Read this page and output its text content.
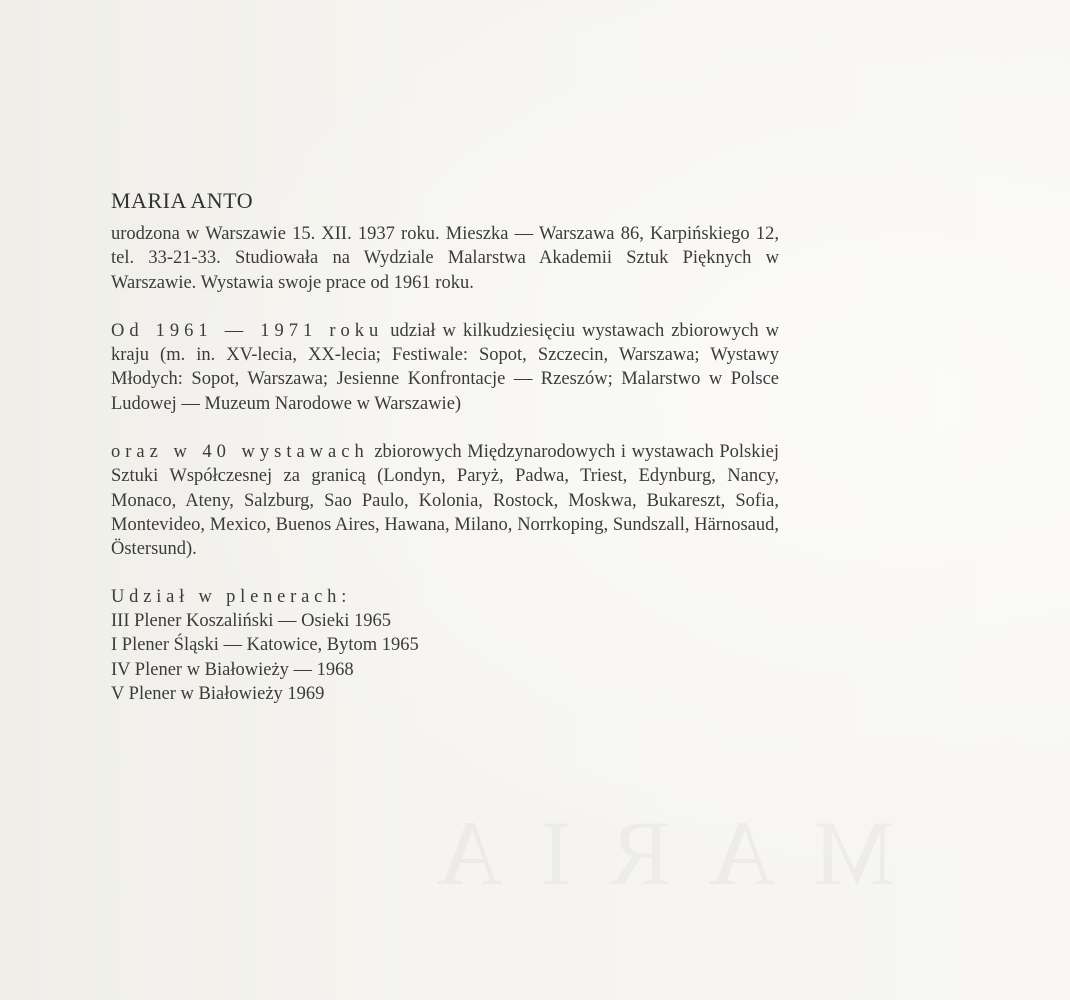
MARIA ANTO

urodzona w Warszawie 15. XII. 1937 roku. Mieszka — Warszawa 86, Karpińskiego 12, tel. 33-21-33. Studiowała na Wydziale Malarstwa Akademii Sztuk Pięknych w Warszawie. Wystawia swoje prace od 1961 roku.

Od 1961 — 1971 roku udział w kilkudziesięciu wystawach zbiorowych w kraju (m. in. XV-lecia, XX-lecia; Festiwale: Sopot, Szczecin, Warszawa; Wystawy Młodych: Sopot, Warszawa; Jesienne Konfrontacje — Rzeszów; Malarstwo w Polsce Ludowej — Muzeum Narodowe w Warszawie)

oraz w 40 wystawach zbiorowych Międzynarodowych i wystawach Polskiej Sztuki Współczesnej za granicą (Londyn, Paryż, Padwa, Triest, Edynburg, Nancy, Monaco, Ateny, Salzburg, Sao Paulo, Kolonia, Rostock, Moskwa, Bukareszt, Sofia, Montevideo, Mexico, Buenos Aires, Hawana, Milano, Norrkoping, Sundszall, Härnosaud, Östersund).

Udział w plenerach:
III Plener Koszaliński — Osieki 1965
I Plener Śląski — Katowice, Bytom 1965
IV Plener w Białowieży — 1968
V Plener w Białowieży 1969
